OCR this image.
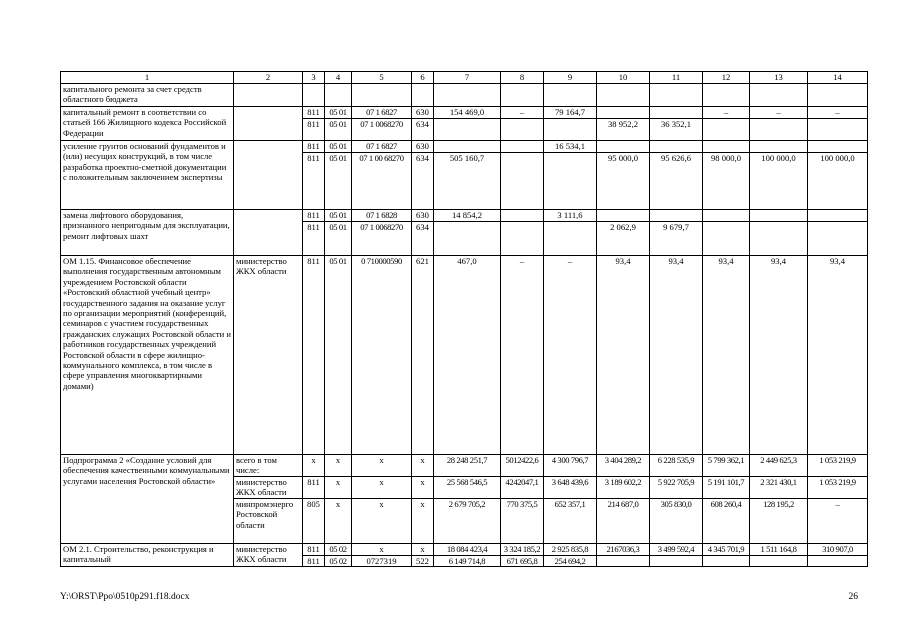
1	2	3	4	5	6	7	8	9	10	11	12	13	14
капитального ремонта за счет средств областного бюджета													
капитальный ремонт в соответствии со статьей 166 Жилищного кодекса Российской Федерации		811	05 01	07 1 6827	630	154 469,0	–	79 164,7			–	–	–
		811	05 01	07 1 0068270	634				38 952,2	36 352,1			
усиление грунтов оснований фундаментов и (или) несущих конструкций, в том числе разработка проектно-сметной документации с положительным заключением экспертизы		811	05 01	07 1 6827	630			16 534,1					
		811	05 01	07 1 00 68270	634	505 160,7			95 000,0	95 626,6	98 000,0	100 000,0	100 000,0
замена лифтового оборудования, признанного непригодным для эксплуатации, ремонт лифтовых шахт		811	05 01	07 1 6828	630	14 854,2		3 111,6					
		811	05 01	07 1 0068270	634				2 062,9	9 679,7			
ОМ 1.15. Финансовое обеспечение выполнения государственным автономным учреждением Ростовской области «Ростовский областной учебный центр» государственного задания на оказание услуг по организации мероприятий (конференций, семинаров с участием государственных гражданских служащих Ростовской области и работников государственных учреждений Ростовской области в сфере жилищно-коммунального комплекса, в том числе в сфере управления многоквартирными домами)	министерство ЖКХ области	811	05 01	0 710000590	621	467,0	–	–	93,4	93,4	93,4	93,4	93,4
Подпрограмма 2 «Создание условий для обеспечения качественными коммунальными услугами населения Ростовской области»	всего в том числе:	x	x	x	x	28 248 251,7	5012422,6	4 300 796,7	3 404 289,2	6 228 535,9	5 799 362,1	2 449 625,3	1 053 219,9
	министерство ЖКХ области	811	x	x	x	25 568 546,5	4242047,1	3 648 439,6	3 189 602,2	5 922 705,9	5 191 101,7	2 321 430,1	1 053 219,9
	минпромэнерго Ростовской области	805	x	x	x	2 679 705,2	770 375,5	652 357,1	214 687,0	305 830,0	608 260,4	128 195,2	–
ОМ 2.1. Строительство, реконструкция и капитальный	министерство ЖКХ области	811	05 02	x	x	18 084 423,4	3 324 185,2	2 925 835,8	2167036,3	3 499 592,4	4 345 701,9	1 511 164,8	310 907,0
		811	05 02	0727319	522	6 149 714,8	671 695,8	254 694,2					
Y:\ORST\Ppo\0510p291.f18.docx	26
